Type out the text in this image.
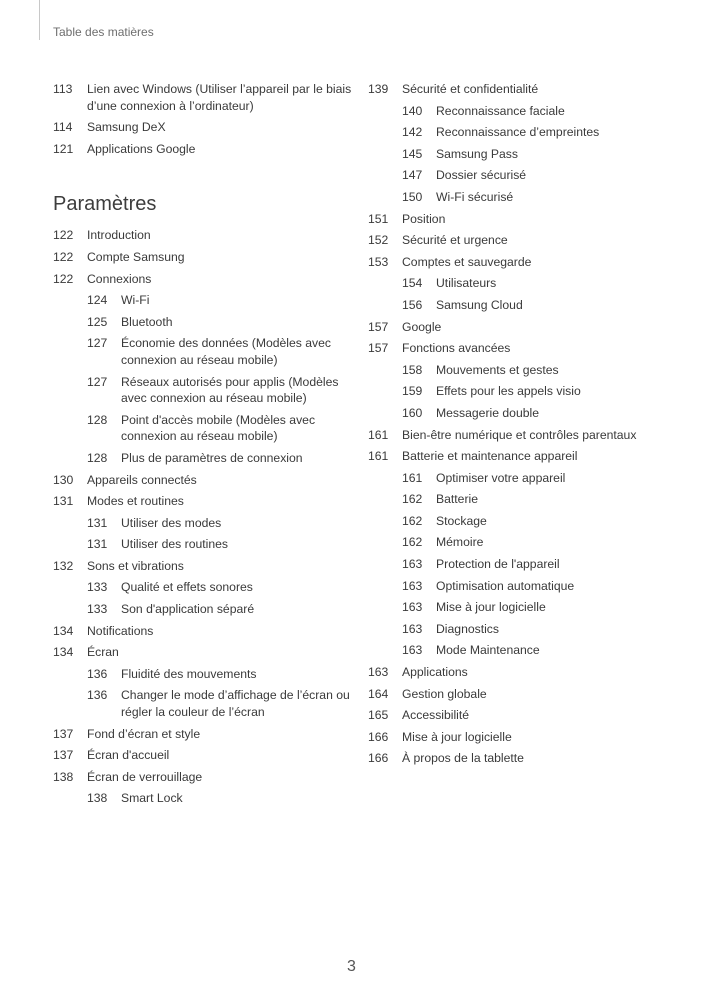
Table des matières
113	Lien avec Windows (Utiliser l’appareil par le biais d’une connexion à l’ordinateur)
114	Samsung DeX
121	Applications Google
Paramètres
122	Introduction
122	Compte Samsung
122	Connexions
124	Wi-Fi
125	Bluetooth
127	Économie des données (Modèles avec connexion au réseau mobile)
127	Réseaux autorisés pour applis (Modèles avec connexion au réseau mobile)
128	Point d'accès mobile (Modèles avec connexion au réseau mobile)
128	Plus de paramètres de connexion
130	Appareils connectés
131	Modes et routines
131	Utiliser des modes
131	Utiliser des routines
132	Sons et vibrations
133	Qualité et effets sonores
133	Son d'application séparé
134	Notifications
134	Écran
136	Fluidité des mouvements
136	Changer le mode d’affichage de l’écran ou régler la couleur de l’écran
137	Fond d’écran et style
137	Écran d'accueil
138	Écran de verrouillage
138	Smart Lock
139	Sécurité et confidentialité
140	Reconnaissance faciale
142	Reconnaissance d’empreintes
145	Samsung Pass
147	Dossier sécurisé
150	Wi-Fi sécurisé
151	Position
152	Sécurité et urgence
153	Comptes et sauvegarde
154	Utilisateurs
156	Samsung Cloud
157	Google
157	Fonctions avancées
158	Mouvements et gestes
159	Effets pour les appels visio
160	Messagerie double
161	Bien-être numérique et contrôles parentaux
161	Batterie et maintenance appareil
161	Optimiser votre appareil
162	Batterie
162	Stockage
162	Mémoire
163	Protection de l'appareil
163	Optimisation automatique
163	Mise à jour logicielle
163	Diagnostics
163	Mode Maintenance
163	Applications
164	Gestion globale
165	Accessibilité
166	Mise à jour logicielle
166	À propos de la tablette
3
